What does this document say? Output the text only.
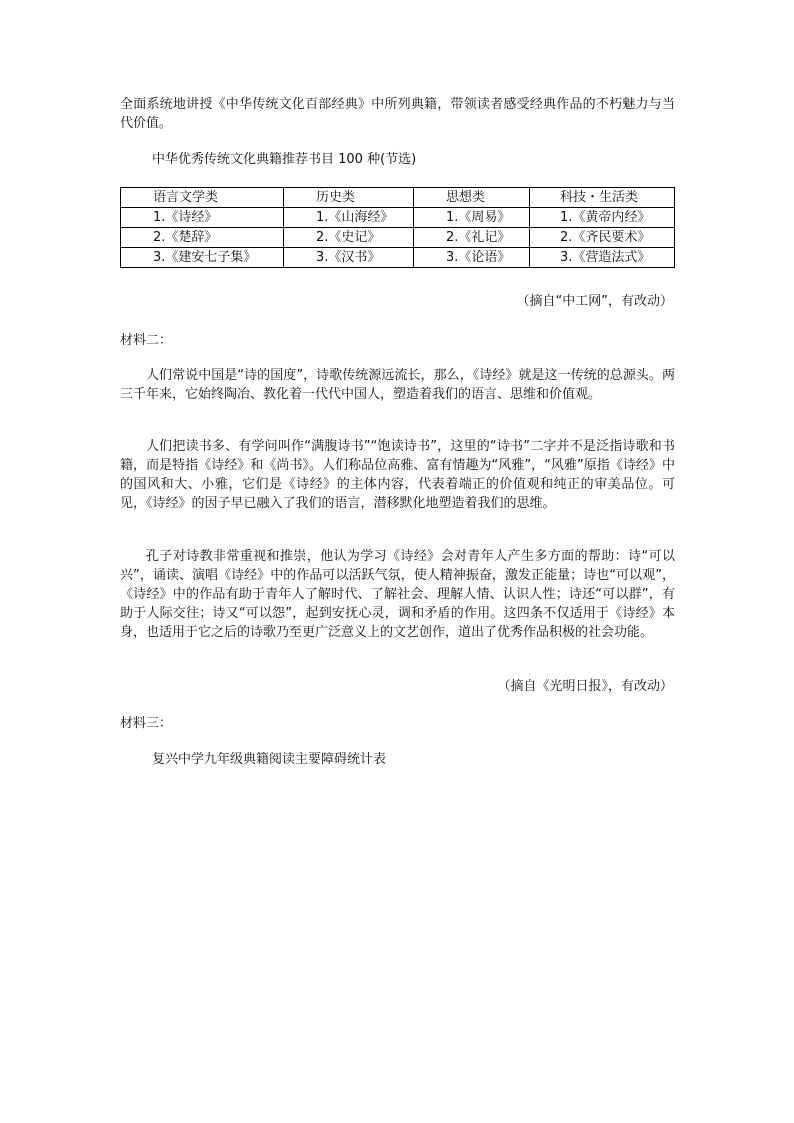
全面系统地讲授《中华传统文化百部经典》中所列典籍，带领读者感受经典作品的不朽魅力与当代价值。

中华优秀传统文化典籍推荐书目 100 种(节选)

语言文学类	历史类	思想类	科技・生活类
1.《诗经》	1.《山海经》	1.《周易》	1.《黄帝内经》
2.《楚辞》	2.《史记》	2.《礼记》	2.《齐民要术》
3.《建安七子集》	3.《汉书》	3.《论语》	3.《营造法式》

（摘自“中工网”，有改动）

材料二：

人们常说中国是“诗的国度”，诗歌传统源远流长，那么，《诗经》就是这一传统的总源头。两三千年来，它始终陶冶、教化着一代代中国人，塑造着我们的语言、思维和价值观。

人们把读书多、有学问叫作“满腹诗书”“饱读诗书”，这里的“诗书”二字并不是泛指诗歌和书籍，而是特指《诗经》和《尚书》。人们称品位高雅、富有情趣为“风雅”，“风雅”原指《诗经》中的国风和大、小雅，它们是《诗经》的主体内容，代表着端正的价值观和纯正的审美品位。可见，《诗经》的因子早已融入了我们的语言，潜移默化地塑造着我们的思维。

孔子对诗教非常重视和推崇，他认为学习《诗经》会对青年人产生多方面的帮助：诗“可以兴”，诵读、演唱《诗经》中的作品可以活跃气氛，使人精神振奋，激发正能量；诗也“可以观”，《诗经》中的作品有助于青年人了解时代、了解社会、理解人情、认识人性；诗还“可以群”，有助于人际交往；诗又“可以怨”，起到安抚心灵，调和矛盾的作用。这四条不仅适用于《诗经》本身，也适用于它之后的诗歌乃至更广泛意义上的文艺创作，道出了优秀作品积极的社会功能。

（摘自《光明日报》，有改动）

材料三：

复兴中学九年级典籍阅读主要障碍统计表
